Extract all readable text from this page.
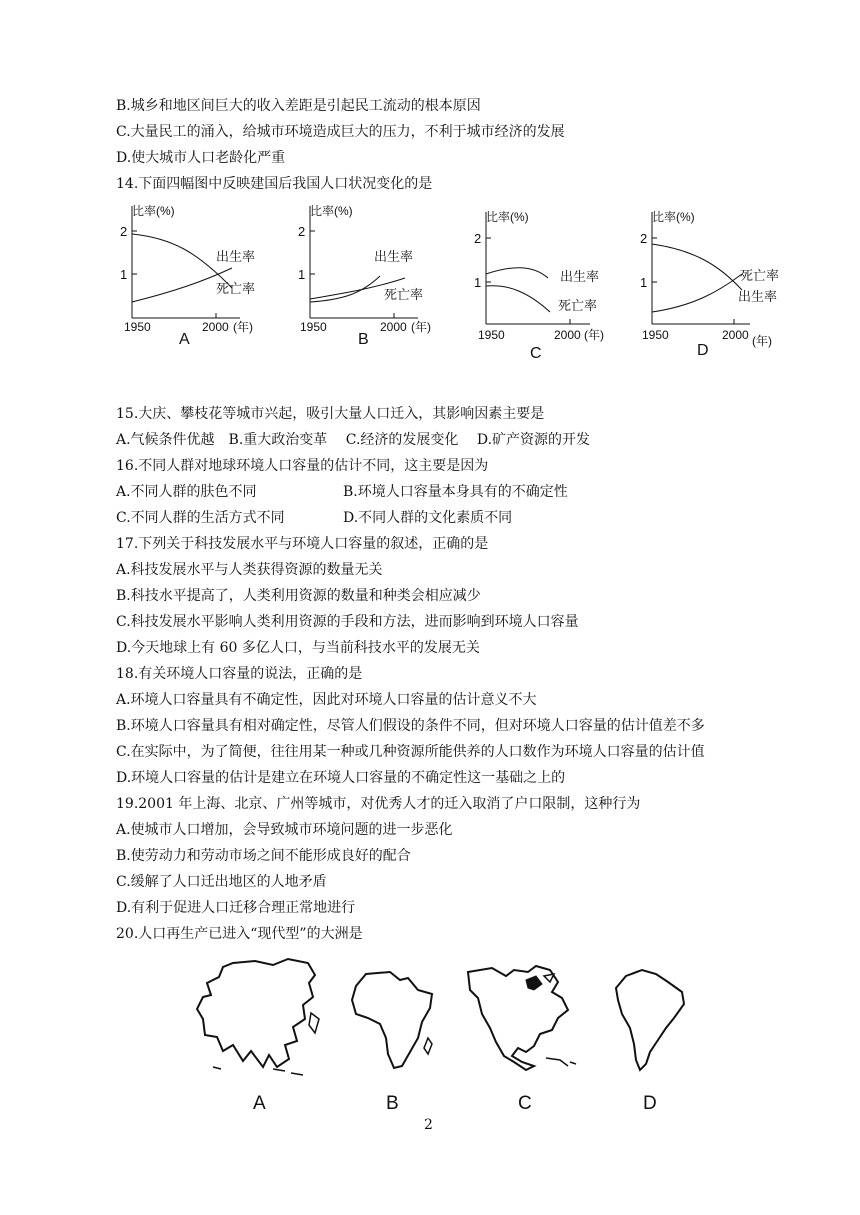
B.城乡和地区间巨大的收入差距是引起民工流动的根本原因
C.大量民工的涌入，给城市环境造成巨大的压力，不利于城市经济的发展
D.使大城市人口老龄化严重
14.下面四幅图中反映建国后我国人口状况变化的是
比率(%)
2
1
出生率
死亡率
1950	2000 (年)
A
比率(%)
2
1
出生率
死亡率
1950	2000 (年)
B
比率(%)
2
1	出生率
死亡率
1950	2000 (年)
C
比率(%)
2
1	死亡率
出生率
1950	2000 (年)
D
15.大庆、攀枝花等城市兴起，吸引大量人口迁入，其影响因素主要是
A.气候条件优越　B.重大政治变革　 C.经济的发展变化　 D.矿产资源的开发
16.不同人群对地球环境人口容量的估计不同，这主要是因为
A.不同人群的肤色不同	B.环境人口容量本身具有的不确定性
C.不同人群的生活方式不同	D.不同人群的文化素质不同
17.下列关于科技发展水平与环境人口容量的叙述，正确的是
A.科技发展水平与人类获得资源的数量无关
B.科技水平提高了，人类利用资源的数量和种类会相应减少
C.科技发展水平影响人类利用资源的手段和方法，进而影响到环境人口容量
D.今天地球上有 60 多亿人口，与当前科技水平的发展无关
18.有关环境人口容量的说法，正确的是
A.环境人口容量具有不确定性，因此对环境人口容量的估计意义不大
B.环境人口容量具有相对确定性，尽管人们假设的条件不同，但对环境人口容量的估计值差不多
C.在实际中，为了简便，往往用某一种或几种资源所能供养的人口数作为环境人口容量的估计值
D.环境人口容量的估计是建立在环境人口容量的不确定性这一基础之上的
19.2001 年上海、北京、广州等城市，对优秀人才的迁入取消了户口限制，这种行为
A.使城市人口增加，会导致城市环境问题的进一步恶化
B.使劳动力和劳动市场之间不能形成良好的配合
C.缓解了人口迁出地区的人地矛盾
D.有利于促进人口迁移合理正常地进行
20.人口再生产已进入“现代型”的大洲是
A	B	C	D
2
